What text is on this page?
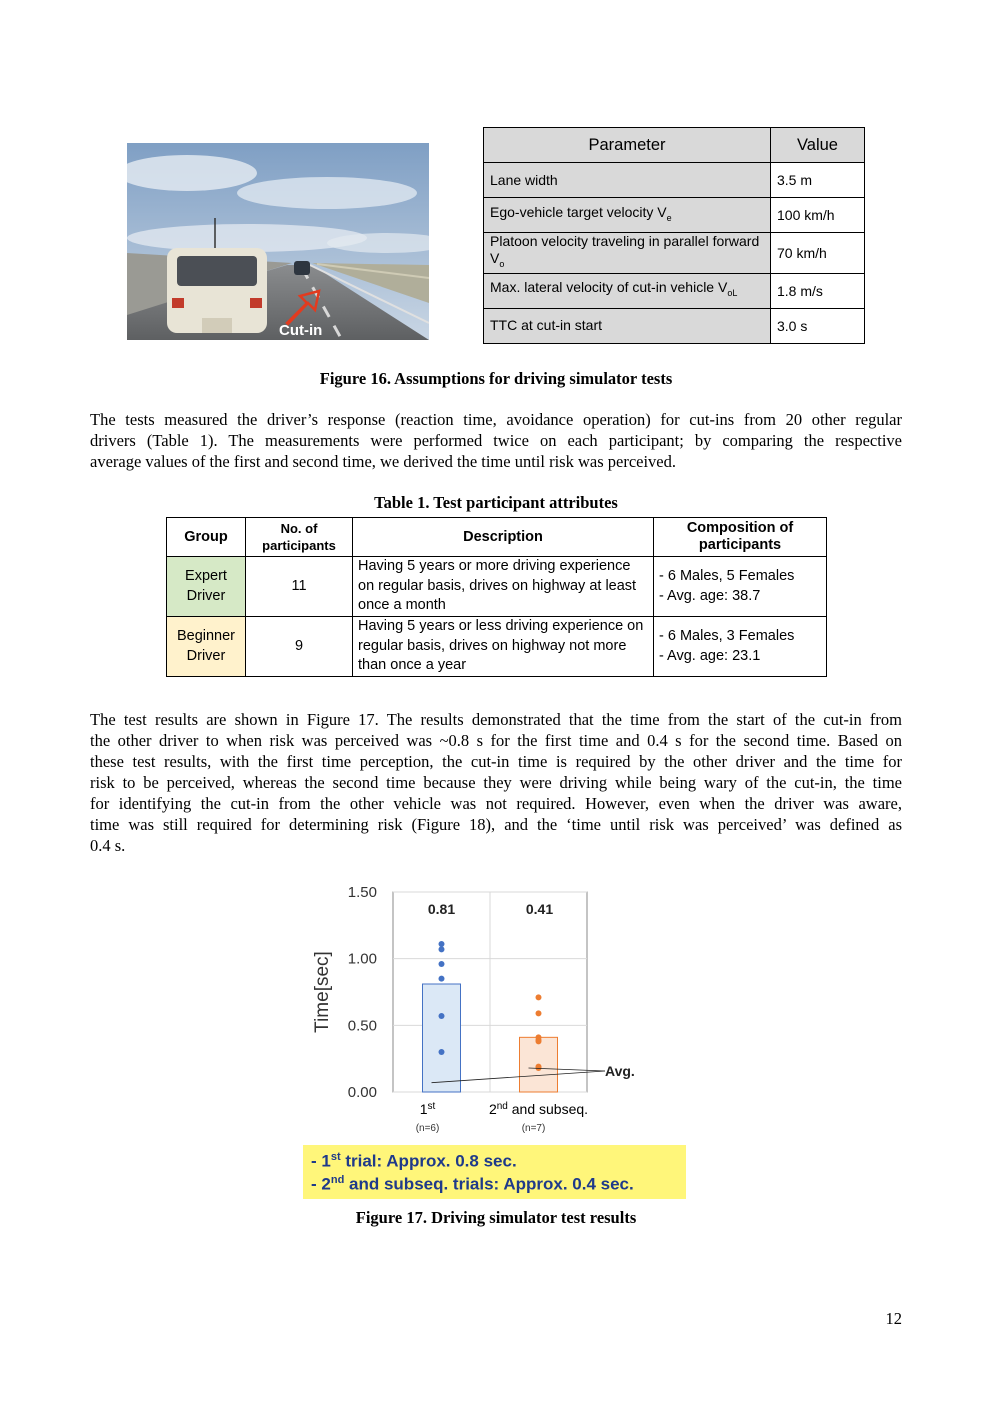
Cut-in
Parameter	Value
Lane width	3.5 m
Ego-vehicle target velocity $V_e$	100 km/h
Platoon velocity traveling in parallel forward $V_o$	70 km/h
Max. lateral velocity of cut-in vehicle $V_{oL}$	1.8 m/s
TTC at cut-in start	3.0 s
Figure 16. Assumptions for driving simulator tests
The tests measured the driver’s response (reaction time, avoidance operation) for cut-ins from 20 other regular
drivers (Table 1). The measurements were performed twice on each participant; by comparing the respective
average values of the first and second time, we derived the time until risk was perceived.
Table 1. Test participant attributes
Group	No. of participants	Description	Composition of participants
Expert Driver	11	Having 5 years or more driving experience on regular basis, drives on highway at least once a month	- 6 Males, 5 Females
- Avg. age: 38.7

Beginner Driver	9	Having 5 years or less driving experience on regular basis, drives on highway not more than once a year	- 6 Males, 3 Females
- Avg. age: 23.1
The test results are shown in Figure 17. The results demonstrated that the time from the start of the cut-in from
the other driver to when risk was perceived was ~0.8 s for the first time and 0.4 s for the second time. Based on
these test results, with the first time perception, the cut-in time is required by the other driver and the time for
risk to be perceived, whereas the second time because they were driving while being wary of the cut-in, the time
for identifying the cut-in from the other vehicle was not required. However, even when the driver was aware,
time was still required for determining risk (Figure 18), and the ‘time until risk was perceived’ was defined as
0.4 s.
0.00
0.50
1.00
1.50
Time[sec]
0.81
1st
(n=6)
0.41
2nd and subseq.
(n=7)
Avg.
- 1st trial: Approx. 0.8 sec.
- 2nd and subseq. trials: Approx. 0.4 sec.
Figure 17. Driving simulator test results
12
